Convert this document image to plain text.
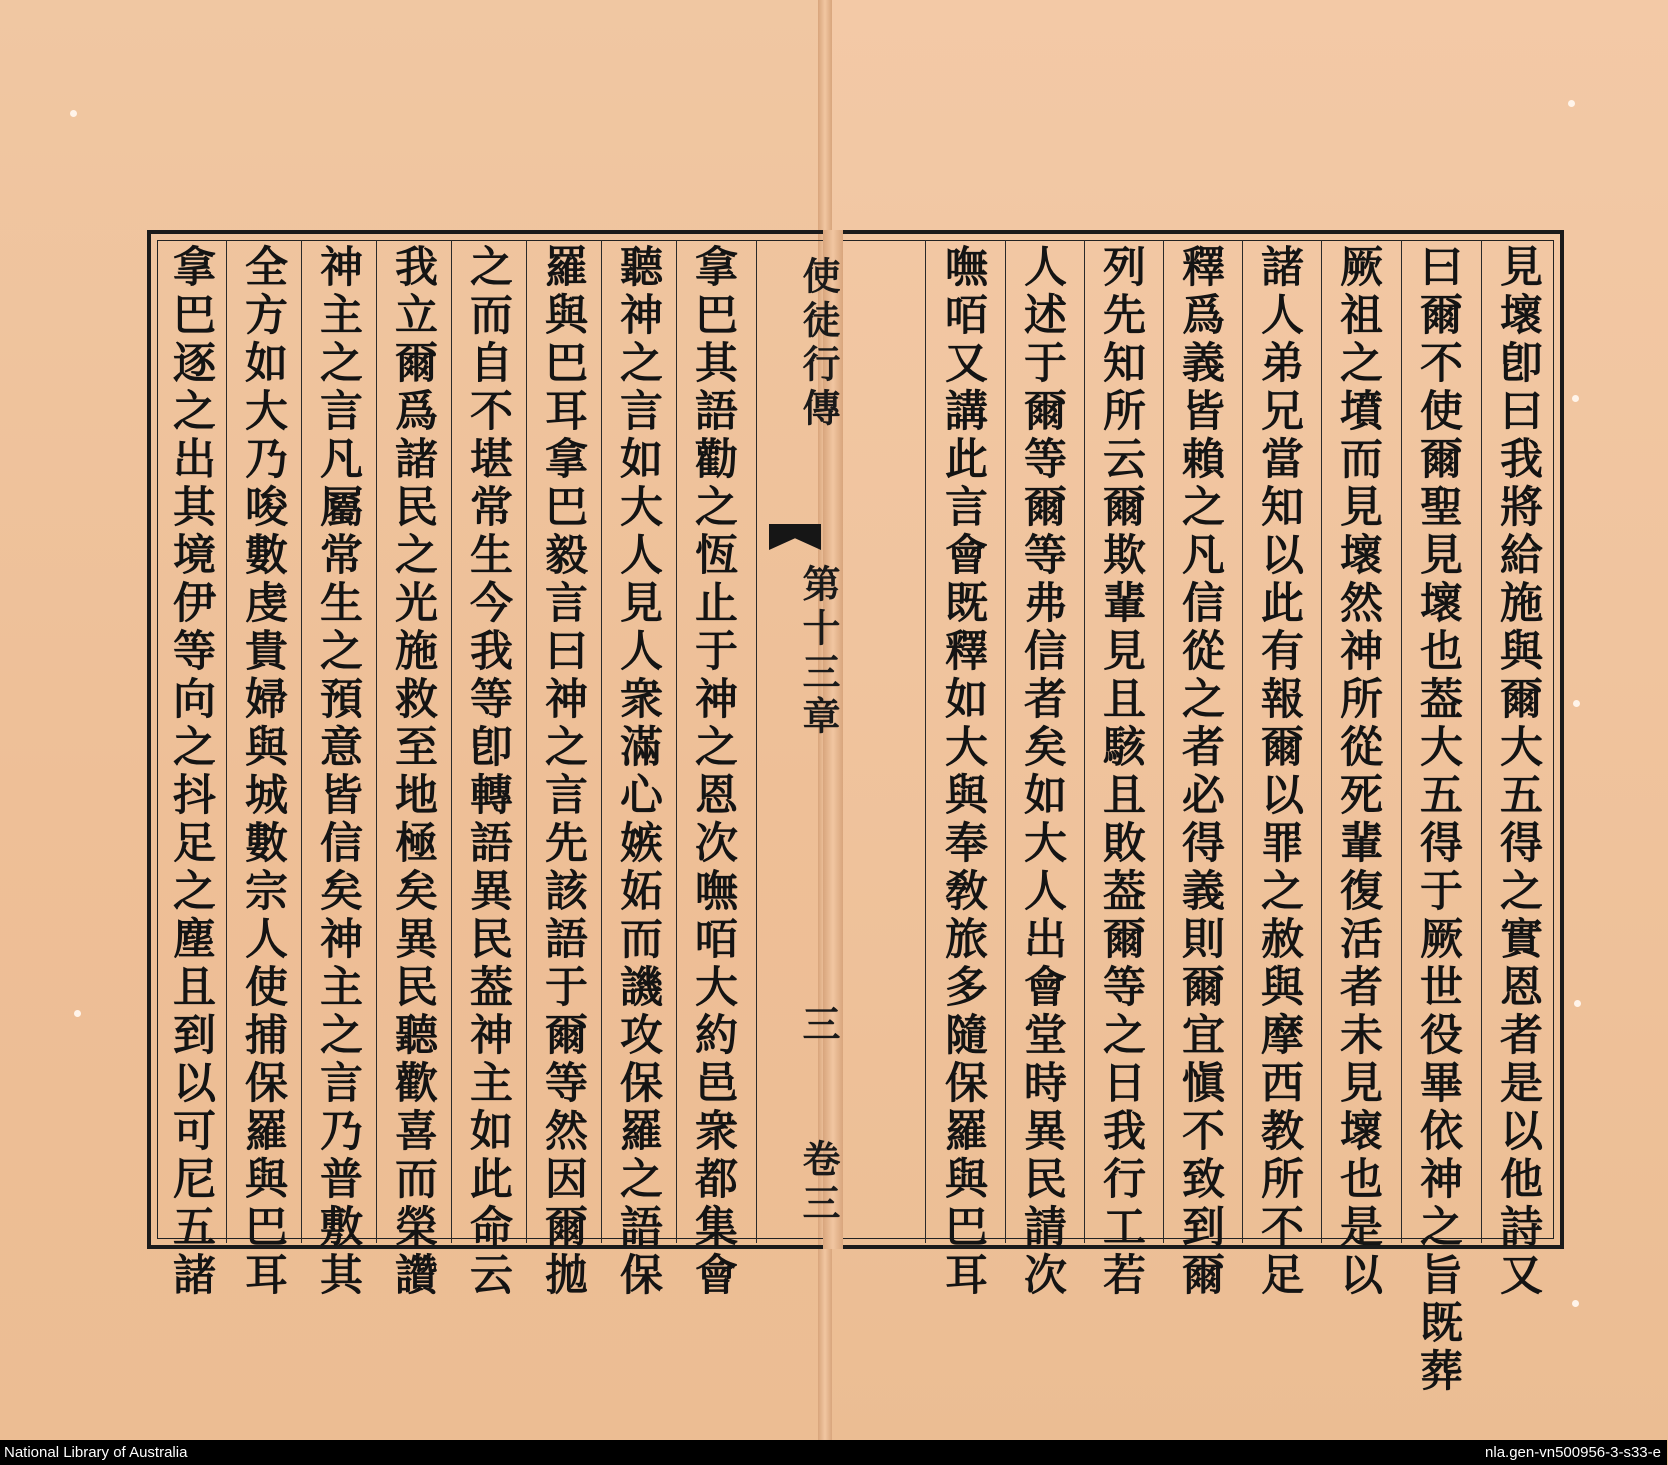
見壞卽曰我將給施與爾大五得之實恩者是以他詩又
曰爾不使爾聖見壞也葢大五得于厥世役畢依神之旨既葬
厥祖之墳而見壞然神所從死輩復活者未見壞也是以
諸人弟兄當知以此有報爾以罪之赦與摩西教所不足
釋爲義皆賴之凡信從之者必得義則爾宜愼不致到爾
列先知所云爾欺輩見且駭且敗葢爾等之日我行工若
人述于爾等爾等弗信者矣如大人出會堂時異民請次
嘸咟又講此言會既釋如大與奉敎旅多隨保羅與巴耳
使徒行傳
第十三章
三
卷三
拿巴其語勸之恆止于神之恩次嘸咟大約邑衆都集會
聽神之言如大人見人衆滿心嫉妬而譏攻保羅之語保
羅與巴耳拿巴毅言曰神之言先該語于爾等然因爾拋
之而自不堪常生今我等卽轉語異民葢神主如此命云
我立爾爲諸民之光施救至地極矣異民聽歡喜而榮讚
神主之言凡屬常生之預意皆信矣神主之言乃普敷其
全方如大乃唆數虔貴婦與城數宗人使捕保羅與巴耳
拿巴逐之出其境伊等向之抖足之塵且到以可尼五諸
National Library of Australia	nla.gen-vn500956-3-s33-e
